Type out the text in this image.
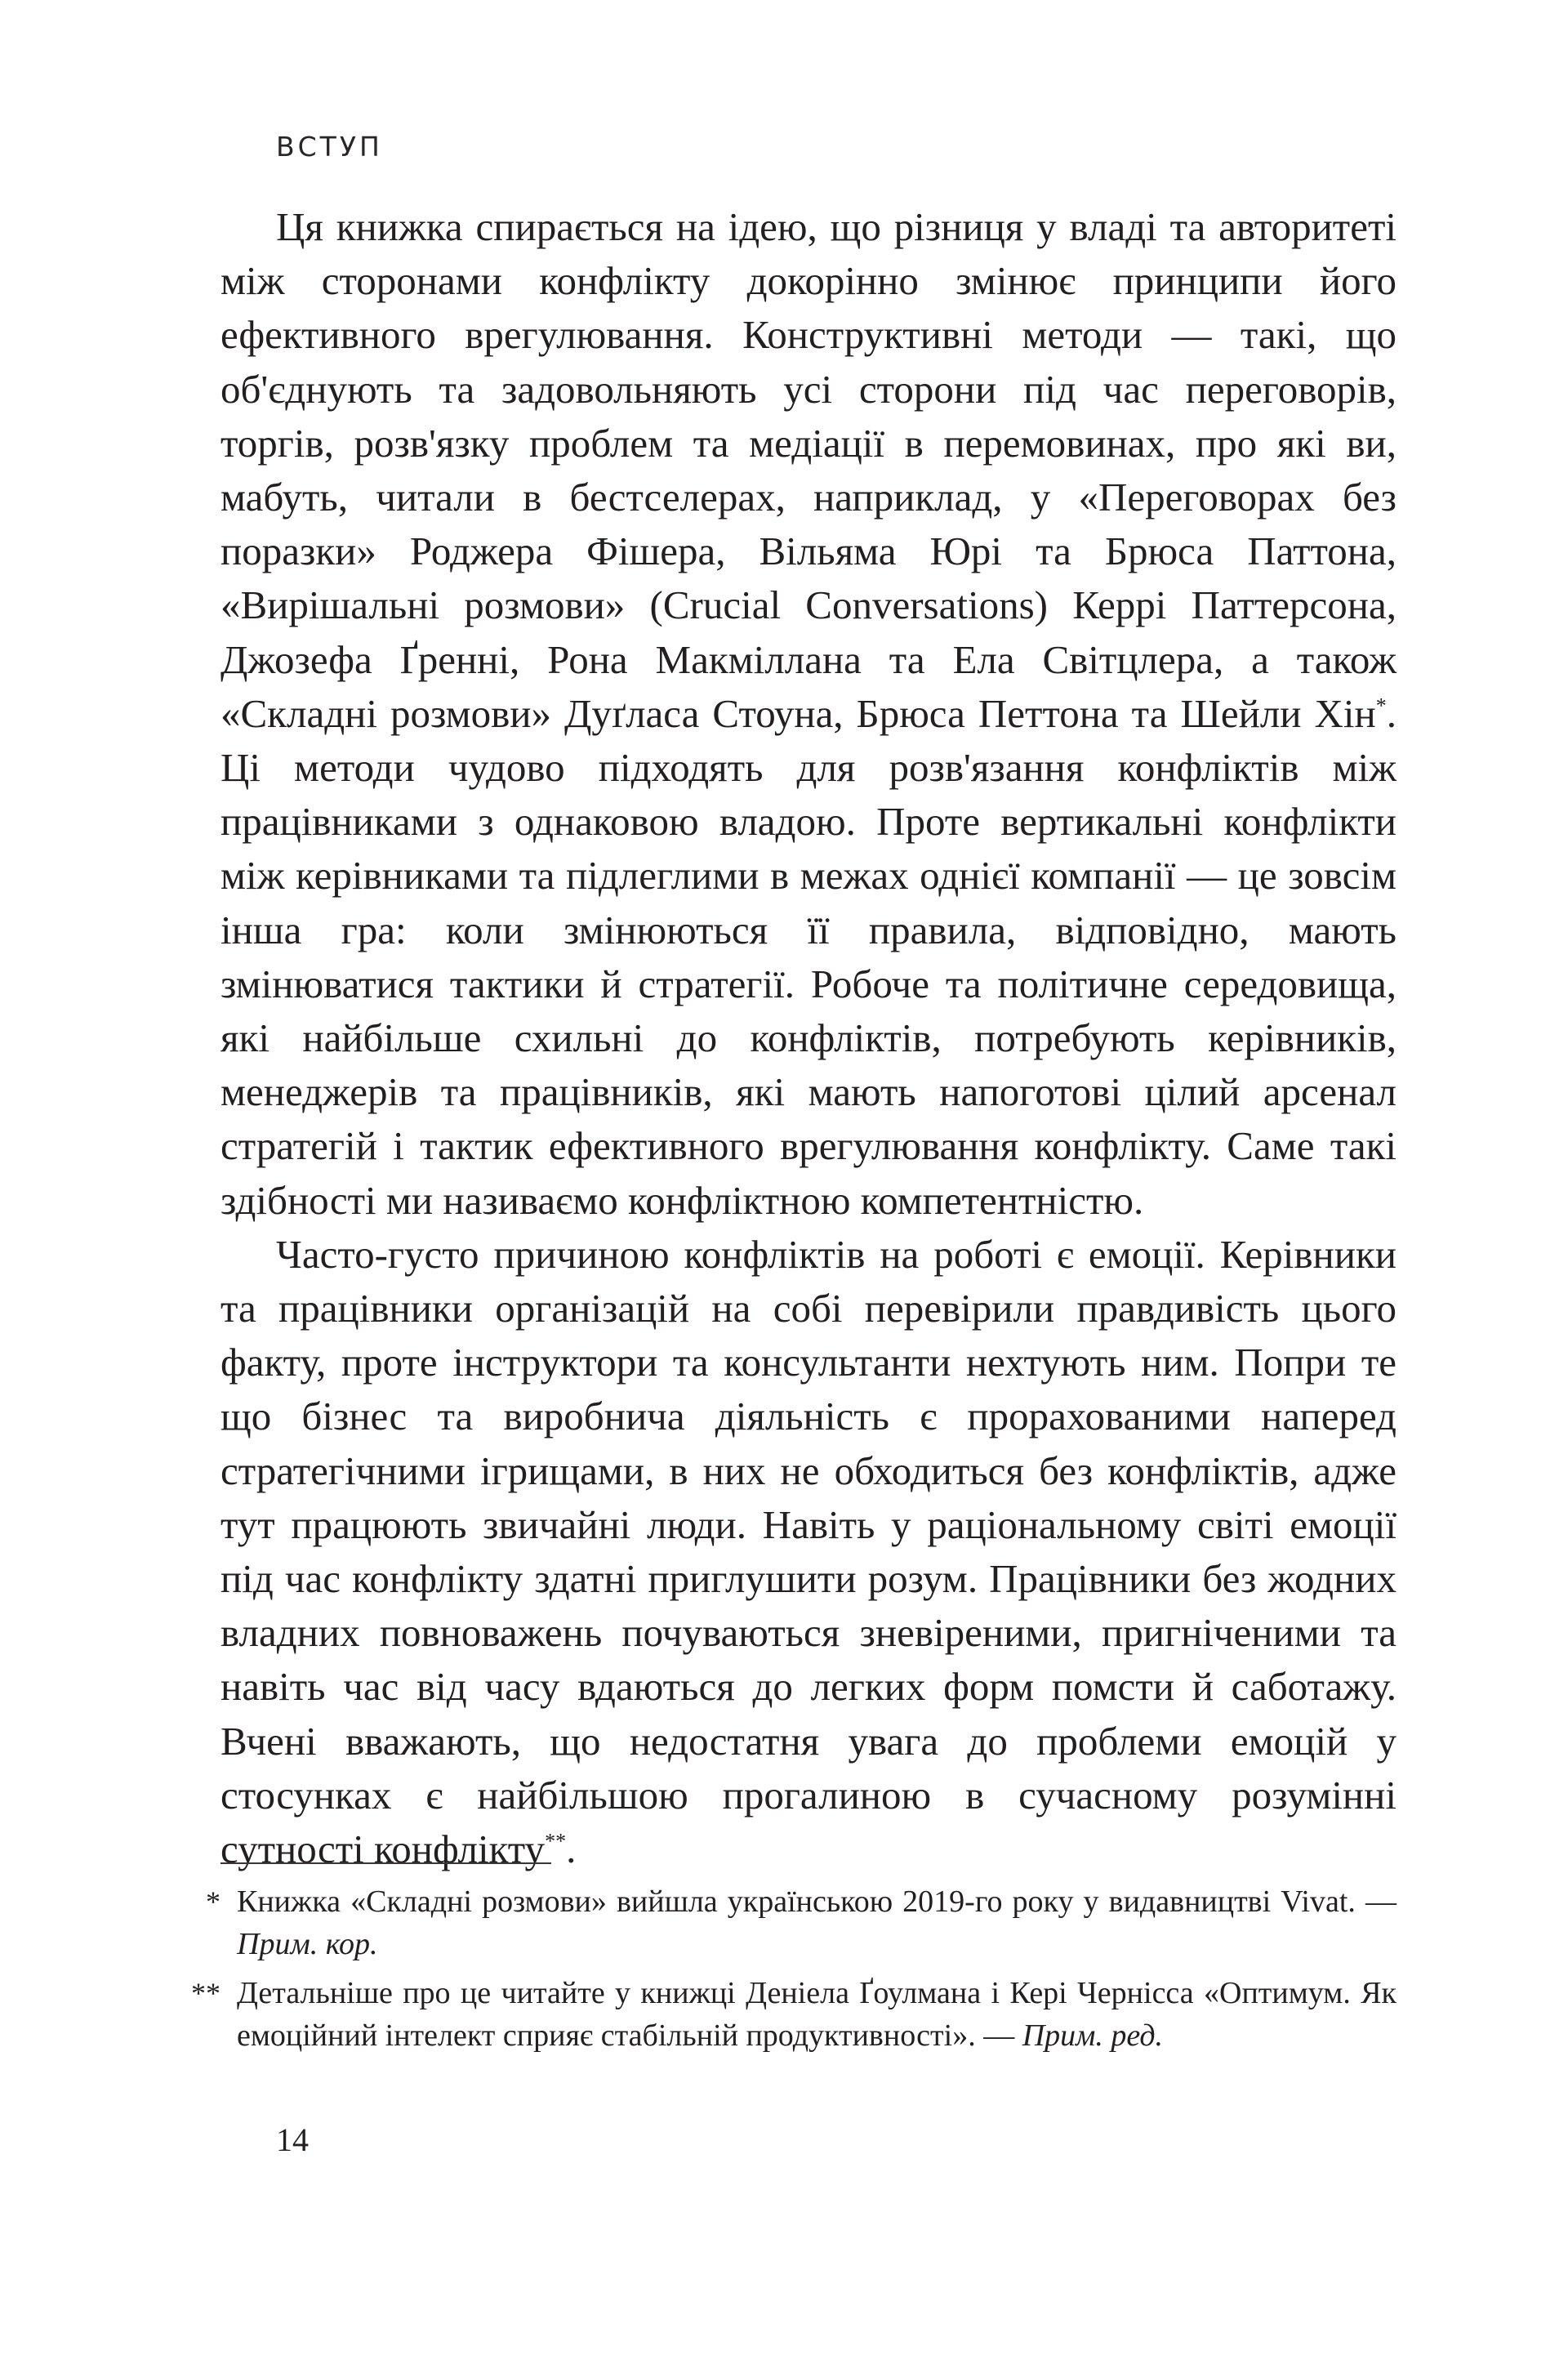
ВСТУП

Ця книжка спирається на ідею, що різниця у владі та авторитеті між сторонами конфлікту докорінно змінює принципи його ефективного врегулювання. Конструктивні методи — такі, що об'єднують та задовольняють усі сторони під час переговорів, торгів, розв'язку проблем та медіації в перемовинах, про які ви, мабуть, читали в бестселерах, наприклад, у «Переговорах без поразки» Роджера Фішера, Вільяма Юрі та Брюса Паттона, «Вирішальні розмови» (Crucial Conversations) Керрі Паттерсона, Джозефа Ґренні, Рона Макміллана та Ела Світцлера, а також «Складні розмови» Дуґласа Стоуна, Брюса Петтона та Шейли Хін*. Ці методи чудово підходять для розв'язання конфліктів між працівниками з однаковою владою. Проте вертикальні конфлікти між керівниками та підлеглими в межах однієї компанії — це зовсім інша гра: коли змінюються її правила, відповідно, мають змінюватися тактики й стратегії. Робоче та політичне середовища, які найбільше схильні до конфліктів, потребують керівників, менеджерів та працівників, які мають напоготові цілий арсенал стратегій і тактик ефективного врегулювання конфлікту. Саме такі здібності ми називаємо конфліктною компетентністю.

Часто-густо причиною конфліктів на роботі є емоції. Керівники та працівники організацій на собі перевірили правдивість цього факту, проте інструктори та консультанти нехтують ним. Попри те що бізнес та виробнича діяльність є прорахованими наперед стратегічними ігрищами, в них не обходиться без конфліктів, адже тут працюють звичайні люди. Навіть у раціональному світі емоції під час конфлікту здатні приглушити розум. Працівники без жодних владних повноважень почуваються зневіреними, пригніченими та навіть час від часу вдаються до легких форм помсти й саботажу. Вчені вважають, що недостатня увага до проблеми емоцій у стосунках є найбільшою прогалиною в сучасному розумінні сутності конфлікту**.

* Книжка «Складні розмови» вийшла українською 2019-го року у видавництві Vivat. — Прим. кор.
** Детальніше про це читайте у книжці Деніела Ґоулмана і Кері Чернісса «Оптимум. Як емоційний інтелект сприяє стабільній продуктивності». — Прим. ред.
14
